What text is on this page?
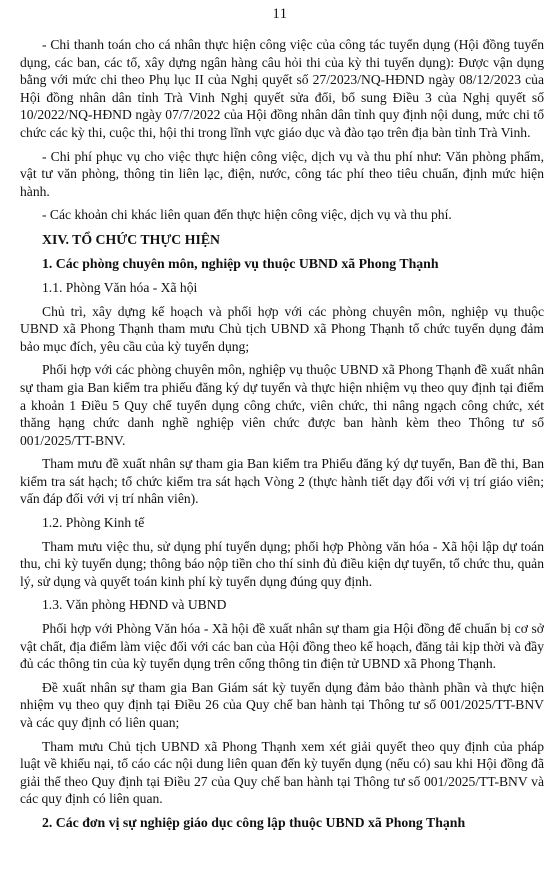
11

- Chi thanh toán cho cá nhân thực hiện công việc của công tác tuyển dụng (Hội đồng tuyển dụng, các ban, các tổ, xây dựng ngân hàng câu hỏi thi của kỳ thi tuyển dụng): Được vận dụng bằng với mức chi theo Phụ lục II của Nghị quyết số 27/2023/NQ-HĐND ngày 08/12/2023 của Hội đồng nhân dân tỉnh Trà Vinh Nghị quyết sửa đổi, bổ sung Điều 3 của Nghị quyết số 10/2022/NQ-HĐND ngày 07/7/2022 của Hội đồng nhân dân tỉnh quy định nội dung, mức chi tổ chức các kỳ thi, cuộc thi, hội thi trong lĩnh vực giáo dục và đào tạo trên địa bàn tỉnh Trà Vinh.

- Chi phí phục vụ cho việc thực hiện công việc, dịch vụ và thu phí như: Văn phòng phẩm, vật tư văn phòng, thông tin liên lạc, điện, nước, công tác phí theo tiêu chuẩn, định mức hiện hành.

- Các khoản chi khác liên quan đến thực hiện công việc, dịch vụ và thu phí.

XIV. TỔ CHỨC THỰC HIỆN
1. Các phòng chuyên môn, nghiệp vụ thuộc UBND xã Phong Thạnh
1.1. Phòng Văn hóa - Xã hội

Chủ trì, xây dựng kế hoạch và phối hợp với các phòng chuyên môn, nghiệp vụ thuộc UBND xã Phong Thạnh tham mưu Chủ tịch UBND xã Phong Thạnh tổ chức tuyển dụng đảm bảo mục đích, yêu cầu của kỳ tuyển dụng;

Phối hợp với các phòng chuyên môn, nghiệp vụ thuộc UBND xã Phong Thạnh đề xuất nhân sự tham gia Ban kiểm tra phiếu đăng ký dự tuyển và thực hiện nhiệm vụ theo quy định tại điểm a khoản 1 Điều 5 Quy chế tuyển dụng công chức, viên chức, thi nâng ngạch công chức, xét thăng hạng chức danh nghề nghiệp viên chức được ban hành kèm theo Thông tư số 001/2025/TT-BNV.

Tham mưu đề xuất nhân sự tham gia Ban kiểm tra Phiếu đăng ký dự tuyển, Ban đề thi, Ban kiểm tra sát hạch; tổ chức kiểm tra sát hạch Vòng 2 (thực hành tiết dạy đối với vị trí giáo viên; vấn đáp đối với vị trí nhân viên).

1.2. Phòng Kinh tế

Tham mưu việc thu, sử dụng phí tuyển dụng; phối hợp Phòng văn hóa - Xã hội lập dự toán thu, chi kỳ tuyển dụng; thông báo nộp tiền cho thí sinh đủ điều kiện dự tuyển, tổ chức thu, quản lý, sử dụng và quyết toán kinh phí kỳ tuyển dụng đúng quy định.

1.3. Văn phòng HĐND và UBND

Phối hợp với Phòng Văn hóa - Xã hội đề xuất nhân sự tham gia Hội đồng để chuẩn bị cơ sở vật chất, địa điểm làm việc đối với các ban của Hội đồng theo kế hoạch, đăng tải kịp thời và đầy đủ các thông tin của kỳ tuyển dụng trên cổng thông tin điện tử UBND xã Phong Thạnh.

Đề xuất nhân sự tham gia Ban Giám sát kỳ tuyển dụng đảm bảo thành phần và thực hiện nhiệm vụ theo quy định tại Điều 26 của Quy chế ban hành tại Thông tư số 001/2025/TT-BNV và các quy định có liên quan;

Tham mưu Chủ tịch UBND xã Phong Thạnh xem xét giải quyết theo quy định của pháp luật về khiếu nại, tố cáo các nội dung liên quan đến kỳ tuyển dụng (nếu có) sau khi Hội đồng đã giải thể theo Quy định tại Điều 27 của Quy chế ban hành tại Thông tư số 001/2025/TT-BNV và các quy định có liên quan.

2. Các đơn vị sự nghiệp giáo dục công lập thuộc UBND xã Phong Thạnh
